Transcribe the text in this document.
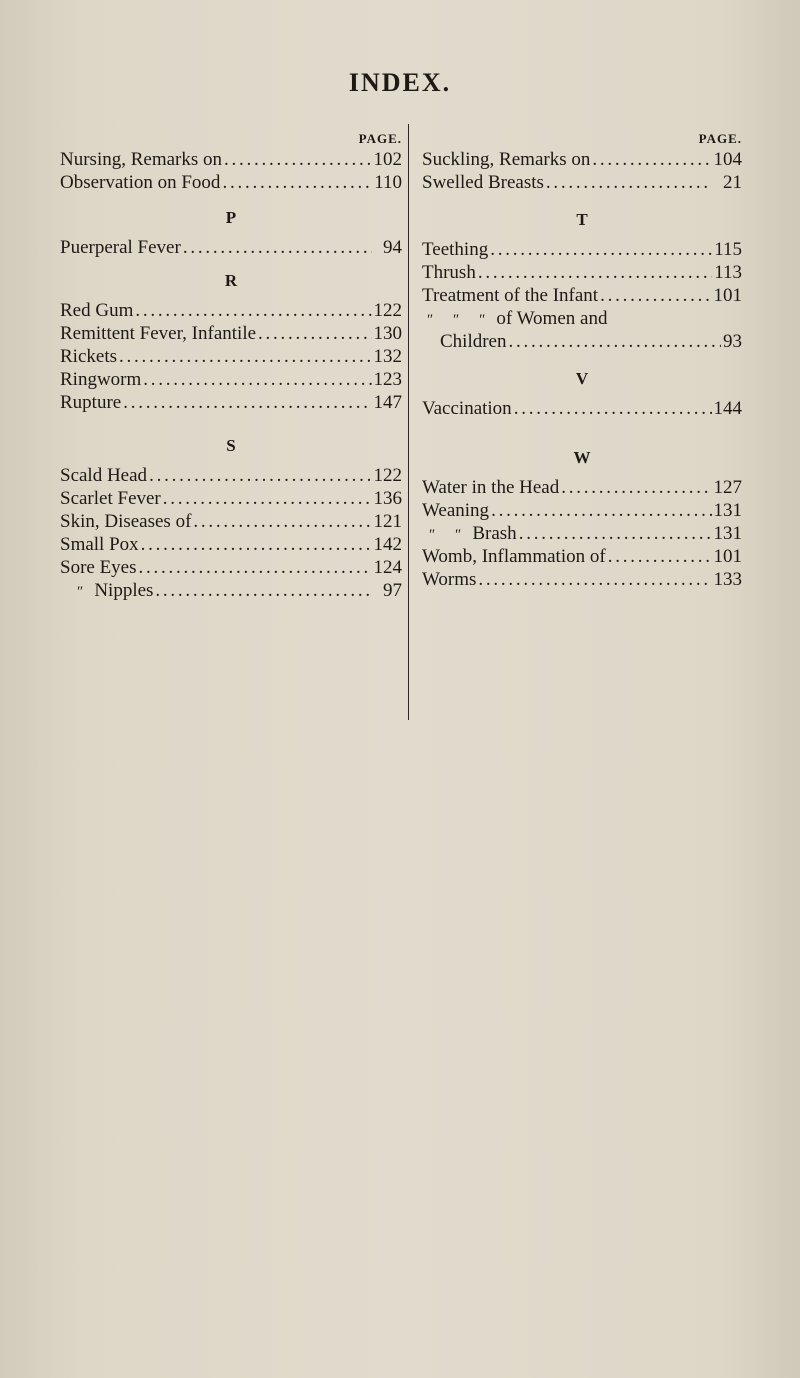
INDEX.
PAGE.
Nursing, Remarks on . . .	102
Observation on Food . . .	110
P
Puerperal Fever . . .	94
R
Red Gum . . .	122
Remittent Fever, Infantile . . .	130
Rickets . . .	132
Ringworm . . .	123
Rupture . . .	147
S
Scald Head . . .	122
Scarlet Fever . . .	136
Skin, Diseases of . . .	121
Small Pox . . .	142
Sore Eyes . . .	124
" Nipples . . .	97
PAGE.
Suckling, Remarks on . . .	104
Swelled Breasts . . .	21
T
Teething . . .	115
Thrush . . .	113
Treatment of the Infant . . .	101
" " " of Women and
Children . . .	93
V
Vaccination . . .	144
W
Water in the Head . . .	127
Weaning . . .	131
" " Brash . . .	131
Womb, Inflammation of . . .	101
Worms . . .	133
